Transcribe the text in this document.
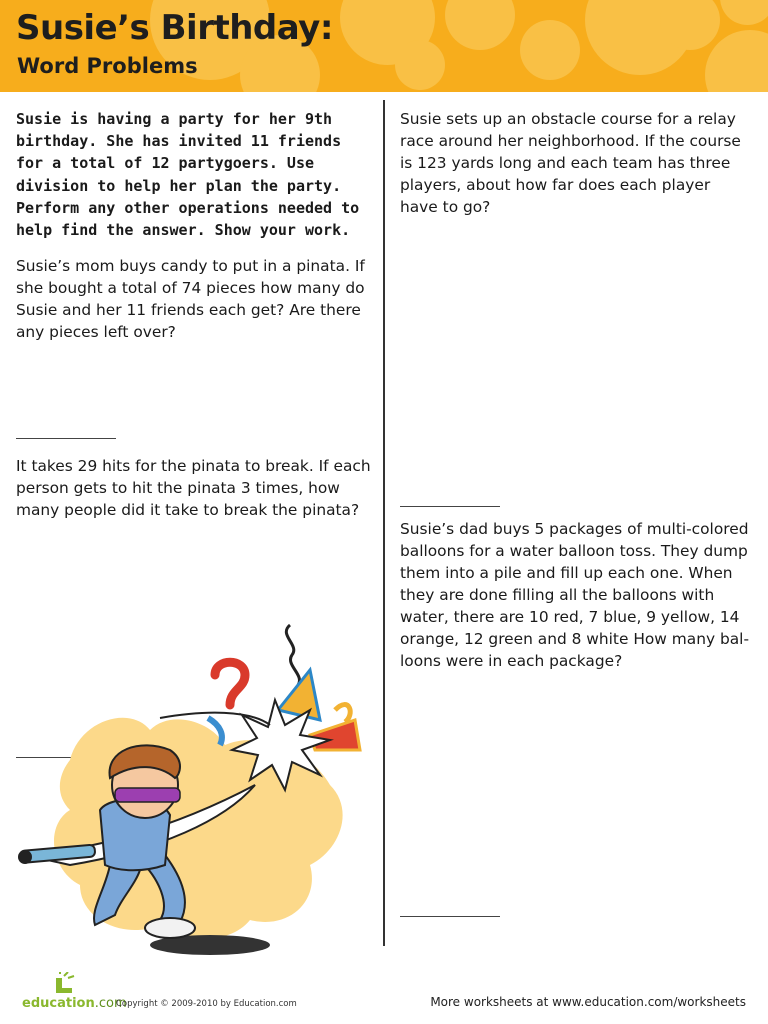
Susie’s Birthday:
Word Problems

Susie is having a party for her 9th birthday. She has invited 11 friends for a total of 12 partygoers. Use division to help her plan the party. Perform any other operations needed to help find the answer. Show your work.

Susie’s mom buys candy to put in a pinata. If she bought a total of 74 pieces how many do Susie and her 11 friends each get? Are there any pieces left over?

It takes 29 hits for the pinata to break. If each person gets to hit the pinata 3 times, how many people did it take to break the pinata?

Susie sets up an obstacle course for a relay race around her neighborhood. If the course is 123 yards long and each team has three players, about how far does each player have to go?

Susie’s dad buys 5 packages of multi-colored balloons for a water balloon toss. They dump them into a pile and fill up each one. When they are done filling all the balloons with water, there are 10 red, 7 blue, 9 yellow, 14 orange, 12 green and 8 white How many bal-loons were in each package?

education.com
Copyright © 2009-2010 by Education.com	More worksheets at www.education.com/worksheets
